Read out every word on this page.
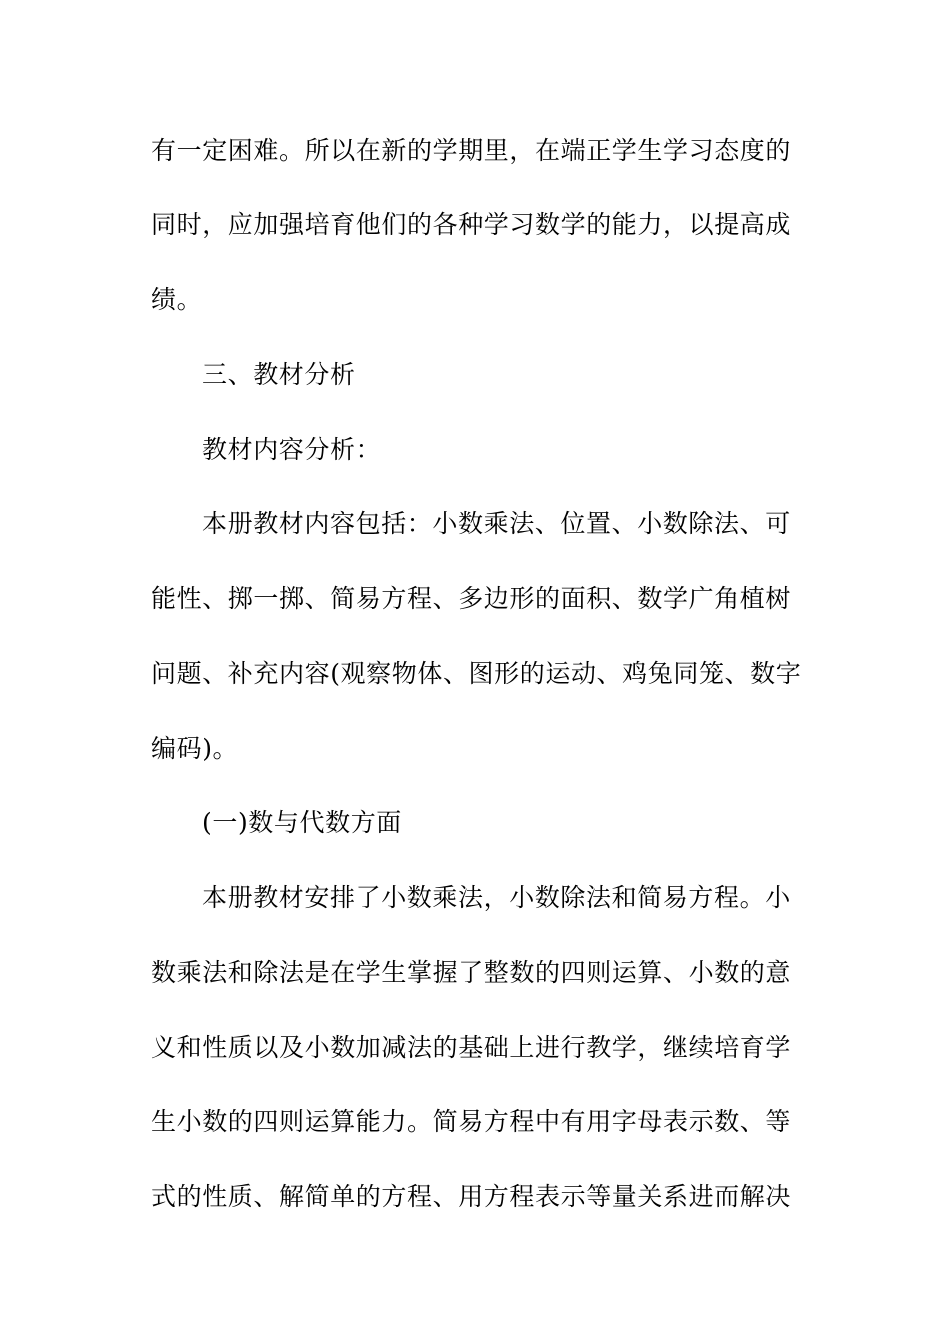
有一定困难。所以在新的学期里，在端正学生学习态度的
同时，应加强培育他们的各种学习数学的能力，以提高成
绩。
三、教材分析
教材内容分析：
本册教材内容包括：小数乘法、位置、小数除法、可
能性、掷一掷、简易方程、多边形的面积、数学广角植树
问题、补充内容(观察物体、图形的运动、鸡兔同笼、数字
编码)。
(一)数与代数方面
本册教材安排了小数乘法，小数除法和简易方程。小
数乘法和除法是在学生掌握了整数的四则运算、小数的意
义和性质以及小数加减法的基础上进行教学，继续培育学
生小数的四则运算能力。简易方程中有用字母表示数、等
式的性质、解简单的方程、用方程表示等量关系进而解决
